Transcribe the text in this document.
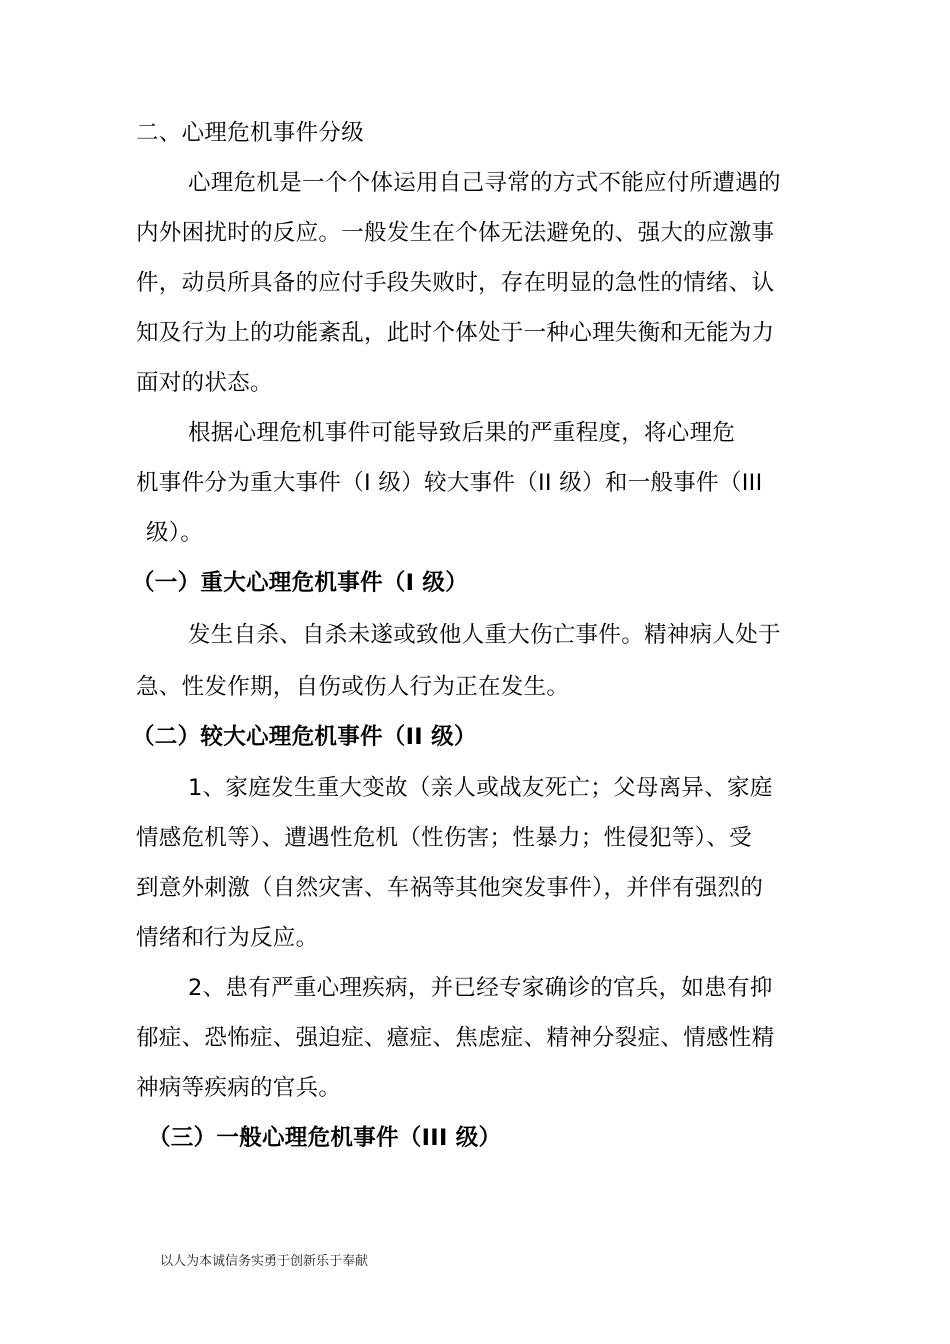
二、心理危机事件分级
心理危机是一个个体运用自己寻常的方式不能应付所遭遇的
内外困扰时的反应。一般发生在个体无法避免的、强大的应激事
件，动员所具备的应付手段失败时，存在明显的急性的情绪、认
知及行为上的功能紊乱，此时个体处于一种心理失衡和无能为力
面对的状态。
根据心理危机事件可能导致后果的严重程度，将心理危
机事件分为重大事件（I 级）较大事件（II 级）和一般事件（III
级）。
（一）重大心理危机事件（I 级）
发生自杀、自杀未遂或致他人重大伤亡事件。精神病人处于
急、性发作期，自伤或伤人行为正在发生。
（二）较大心理危机事件（II 级）
1、家庭发生重大变故（亲人或战友死亡；父母离异、家庭
情感危机等）、遭遇性危机（性伤害；性暴力；性侵犯等）、受
到意外刺激（自然灾害、车祸等其他突发事件），并伴有强烈的
情绪和行为反应。
2、患有严重心理疾病，并已经专家确诊的官兵，如患有抑
郁症、恐怖症、强迫症、癔症、焦虑症、精神分裂症、情感性精
神病等疾病的官兵。
（三）一般心理危机事件（III 级）
以人为本诚信务实勇于创新乐于奉献
